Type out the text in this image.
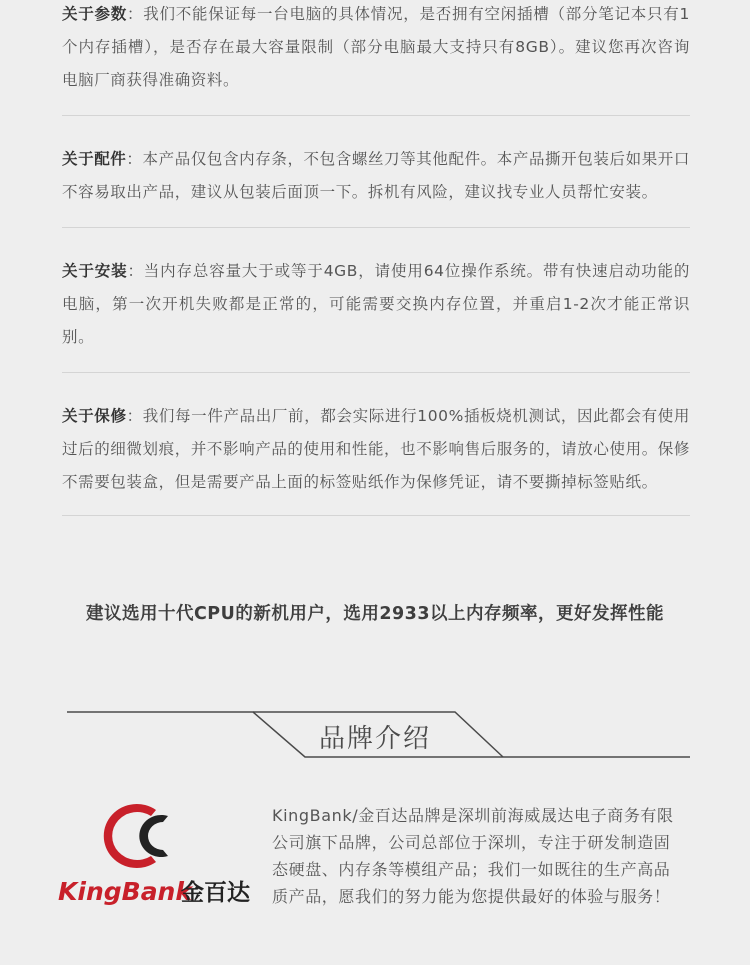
关于参数：我们不能保证每一台电脑的具体情况，是否拥有空闲插槽（部分笔记本只有1个内存插槽），是否存在最大容量限制（部分电脑最大支持只有8GB）。建议您再次咨询电脑厂商获得准确资料。
关于配件：本产品仅包含内存条，不包含螺丝刀等其他配件。本产品撕开包装后如果开口不容易取出产品，建议从包装后面顶一下。拆机有风险，建议找专业人员帮忙安装。
关于安装：当内存总容量大于或等于4GB，请使用64位操作系统。带有快速启动功能的电脑，第一次开机失败都是正常的，可能需要交换内存位置，并重启1-2次才能正常识别。
关于保修：我们每一件产品出厂前，都会实际进行100%插板烧机测试，因此都会有使用过后的细微划痕，并不影响产品的使用和性能，也不影响售后服务的，请放心使用。保修不需要包装盒，但是需要产品上面的标签贴纸作为保修凭证，请不要撕掉标签贴纸。
建议选用十代CPU的新机用户，选用2933以上内存频率，更好发挥性能
品牌介绍
KingBank
金百达
KingBank/金百达品牌是深圳前海威晟达电子商务有限公司旗下品牌，公司总部位于深圳，专注于研发制造固态硬盘、内存条等模组产品；我们一如既往的生产高品质产品，愿我们的努力能为您提供最好的体验与服务！
